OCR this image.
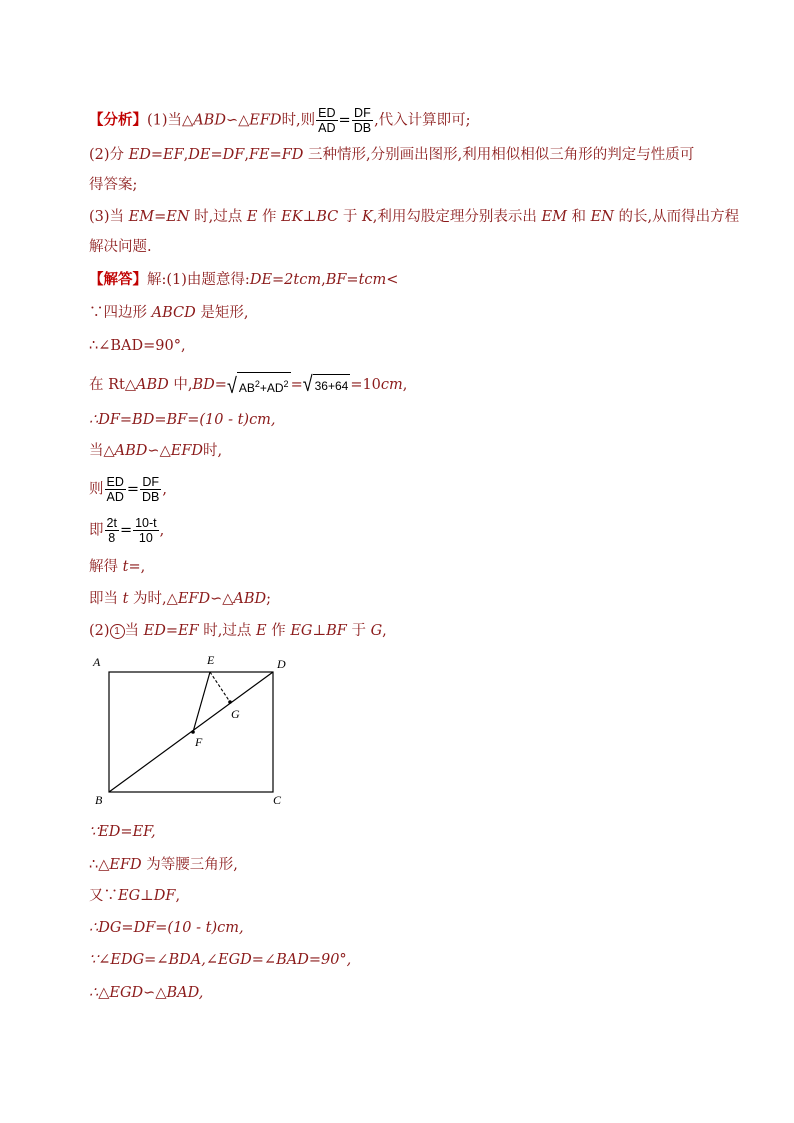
【分析】(1)当△ABD∽△EFD时,则 $\frac{ED}{AD} = \frac{DF}{DB}$ ,代入计算即可;
(2)分 ED=EF,DE=DF,FE=FD 三种情形,分别画出图形,利用相似相似三角形的判定与性质可
得答案;
(3)当 EM=EN 时,过点 E 作 EK⊥BC 于 K,利用勾股定理分别表示出 EM 和 EN 的长,从而得出方程
解决问题.
【解答】解:(1)由题意得:DE=2tcm,BF=tcm<
∵四边形 ABCD 是矩形,
∴∠BAD=90°,
在 Rt△ABD 中,BD=√ $AB^2+AD^2$ =√ 36+64 =10cm,
∴DF=BD=BF=(10 - t)cm,
当△ABD∽△EFD时,
则 $\frac{ED}{AD} = \frac{DF}{DB}$ ,
即 $\frac{2t}{8} = \frac{10-t}{10}$ ,
解得 t=,
即当 t 为时,△EFD∽△ABD;
(2) 1 当 ED=EF 时,过点 E 作 EG⊥BF 于 G,
A
B	C
D
E
F
G
∵ED=EF,
∴△EFD 为等腰三角形,
又∵EG⊥DF,
∴DG=DF=(10 - t)cm,
∵∠EDG=∠BDA,∠EGD=∠BAD=90°,
∴△EGD∽△BAD,
